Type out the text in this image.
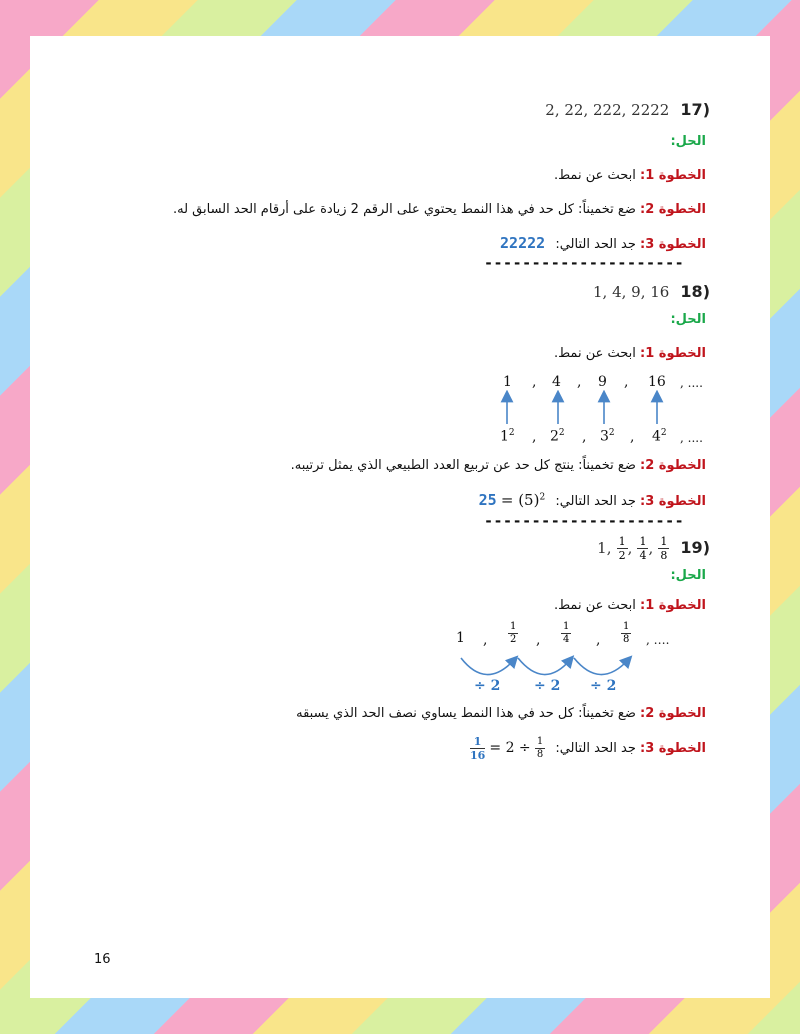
2, 22, 222, 2222 17)
الحل:
الخطوة 1: ابحث عن نمط.
الخطوة 2: ضع تخميناً: كل حد في هذا النمط يحتوي على الرقم 2 زيادة على أرقام الحد السابق له.
الخطوة 3: جد الحد التالي: 22222
---------------------
1, 4, 9, 16 18)
الحل:
الخطوة 1: ابحث عن نمط.
1 , 4 , 9 , 16 , ....
$1^2$ , $2^2$ , $3^2$ , $4^2$ , ....
الخطوة 2: ضع تخميناً: ينتج كل حد عن تربيع العدد الطبيعي الذي يمثل ترتيبه.
الخطوة 3: جد الحد التالي: $25 = (5)^2$
---------------------
1, $\frac{1}{2}$ , $\frac{1}{4}$ , $\frac{1}{8} 19$)
الحل:
الخطوة 1: ابحث عن نمط.
1 , $\frac{1}{2}$ , $\frac{1}{4}$ , $\frac{1}{8}$ , ….
÷ 2 ÷ 2 ÷ 2
الخطوة 2: ضع تخميناً: كل حد في هذا النمط يساوي نصف الحد الذي يسبقه
الخطوة 3: جد الحد التالي:
$\frac{1}{16} = 2 \div \frac{1}{8}$
16
